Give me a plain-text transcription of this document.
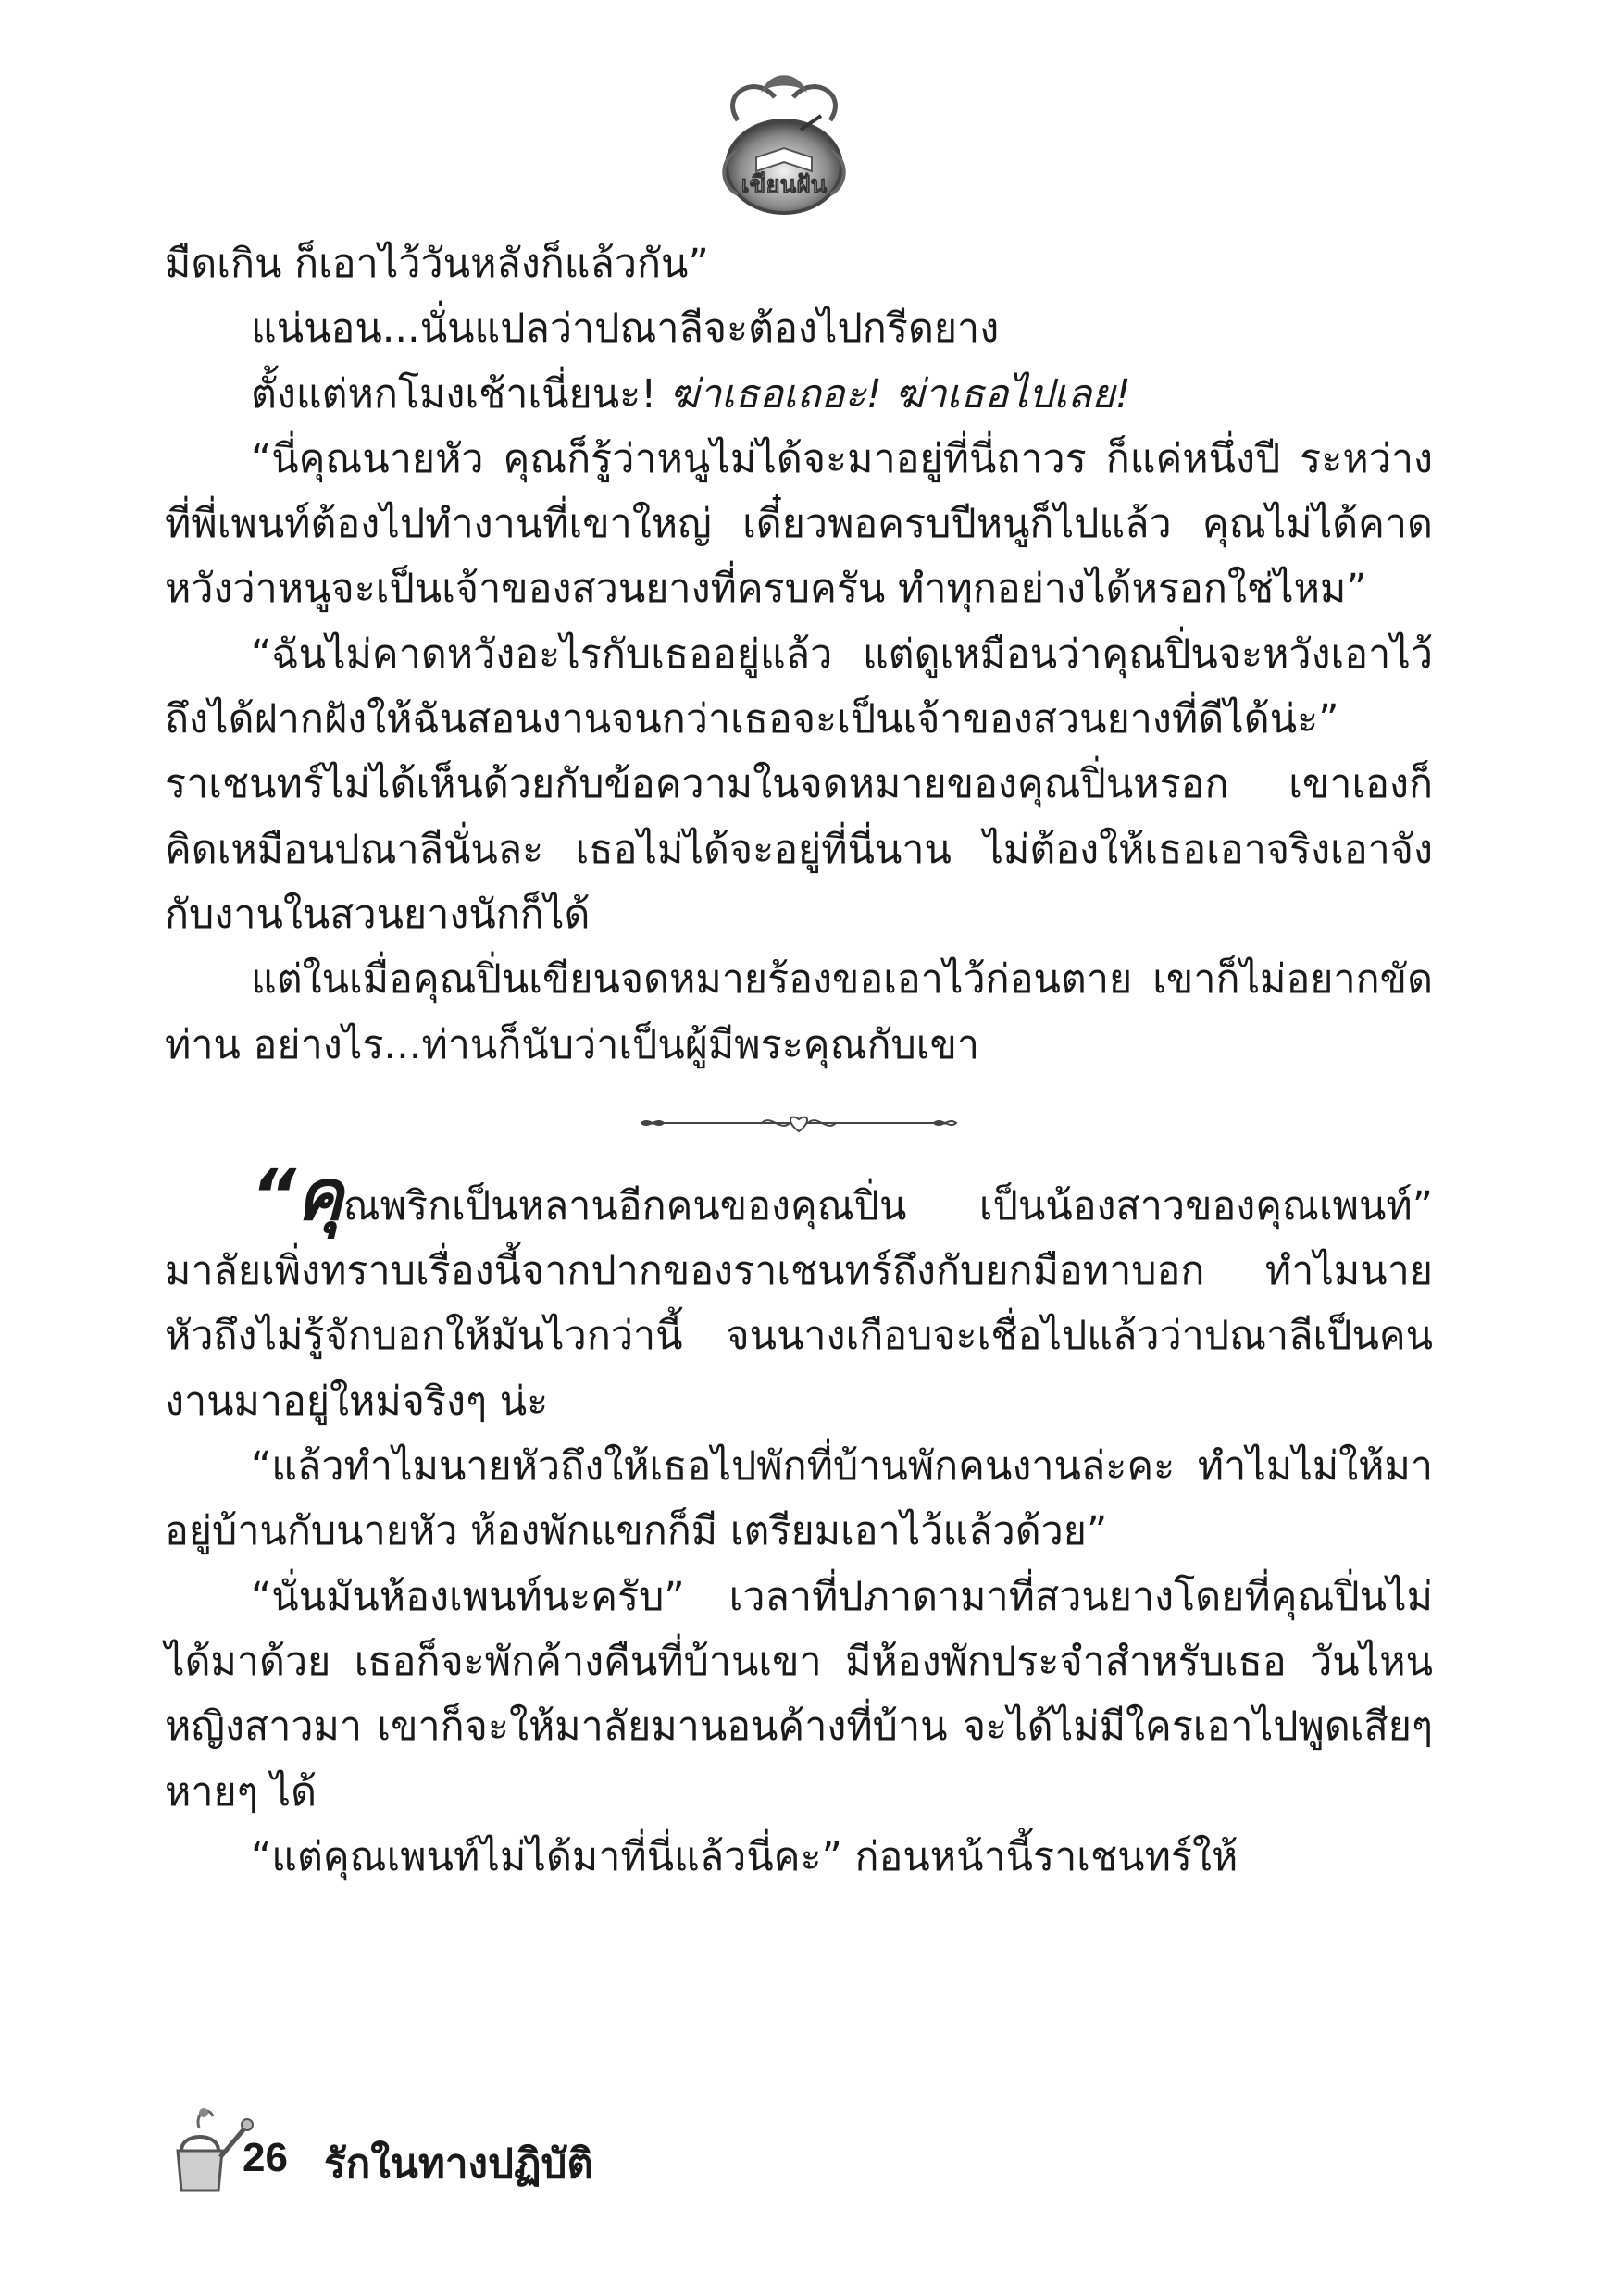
เขียนฝัน

มืดเกิน ก็เอาไว้วันหลังก็แล้วกัน”

แน่นอน...นั่นแปลว่าปณาลีจะต้องไปกรีดยาง

ตั้งแต่หกโมงเช้าเนี่ยนะ! ฆ่าเธอเถอะ! ฆ่าเธอไปเลย!

“นี่คุณนายหัว คุณก็รู้ว่าหนูไม่ได้จะมาอยู่ที่นี่ถาวร ก็แค่หนึ่งปี ระหว่างที่พี่เพนท์ต้องไปทำงานที่เขาใหญ่ เดี๋ยวพอครบปีหนูก็ไปแล้ว คุณไม่ได้คาดหวังว่าหนูจะเป็นเจ้าของสวนยางที่ครบครัน ทำทุกอย่างได้หรอกใช่ไหม”

“ฉันไม่คาดหวังอะไรกับเธออยู่แล้ว แต่ดูเหมือนว่าคุณปิ่นจะหวังเอาไว้ ถึงได้ฝากฝังให้ฉันสอนงานจนกว่าเธอจะเป็นเจ้าของสวนยางที่ดีได้น่ะ” ราเชนทร์ไม่ได้เห็นด้วยกับข้อความในจดหมายของคุณปิ่นหรอก เขาเองก็คิดเหมือนปณาลีนั่นละ เธอไม่ได้จะอยู่ที่นี่นาน ไม่ต้องให้เธอเอาจริงเอาจังกับงานในสวนยางนักก็ได้

แต่ในเมื่อคุณปิ่นเขียนจดหมายร้องขอเอาไว้ก่อนตาย เขาก็ไม่อยากขัดท่าน อย่างไร...ท่านก็นับว่าเป็นผู้มีพระคุณกับเขา

“คุณพริกเป็นหลานอีกคนของคุณปิ่น เป็นน้องสาวของคุณเพนท์” มาลัยเพิ่งทราบเรื่องนี้จากปากของราเชนทร์ถึงกับยกมือทาบอก ทำไมนายหัวถึงไม่รู้จักบอกให้มันไวกว่านี้ จนนางเกือบจะเชื่อไปแล้วว่าปณาลีเป็นคนงานมาอยู่ใหม่จริงๆ น่ะ

“แล้วทำไมนายหัวถึงให้เธอไปพักที่บ้านพักคนงานล่ะคะ ทำไมไม่ให้มาอยู่บ้านกับนายหัว ห้องพักแขกก็มี เตรียมเอาไว้แล้วด้วย”

“นั่นมันห้องเพนท์นะครับ” เวลาที่ปภาดามาที่สวนยางโดยที่คุณปิ่นไม่ได้มาด้วย เธอก็จะพักค้างคืนที่บ้านเขา มีห้องพักประจำสำหรับเธอ วันไหนหญิงสาวมา เขาก็จะให้มาลัยมานอนค้างที่บ้าน จะได้ไม่มีใครเอาไปพูดเสียๆ หายๆ ได้

“แต่คุณเพนท์ไม่ได้มาที่นี่แล้วนี่คะ” ก่อนหน้านี้ราเชนทร์ให้

26 รักในทางปฏิบัติ
